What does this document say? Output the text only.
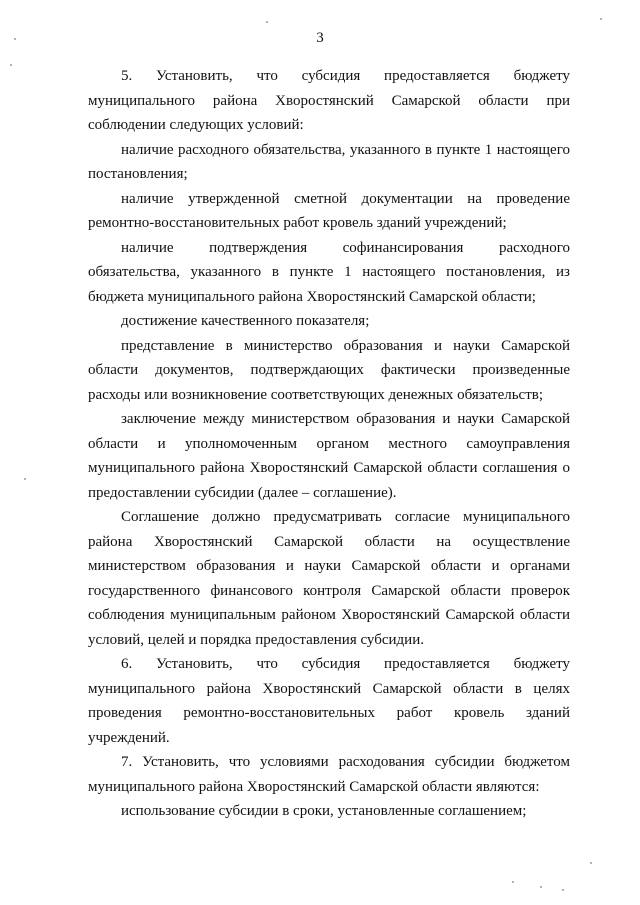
3

5. Установить, что субсидия предоставляется бюджету муниципального района Хворостянский Самарской области при соблюдении следующих условий:

наличие расходного обязательства, указанного в пункте 1 настоящего постановления;

наличие утвержденной сметной документации на проведение ремонтно-восстановительных работ кровель зданий учреждений;

наличие подтверждения софинансирования расходного обязательства, указанного в пункте 1 настоящего постановления, из бюджета муниципального района Хворостянский Самарской области;

достижение качественного показателя;

представление в министерство образования и науки Самарской области документов, подтверждающих фактически произведенные расходы или возникновение соответствующих денежных обязательств;

заключение между министерством образования и науки Самарской области и уполномоченным органом местного самоуправления муниципального района Хворостянский Самарской области соглашения о предоставлении субсидии (далее – соглашение).

Соглашение должно предусматривать согласие муниципального района Хворостянский Самарской области на осуществление министерством образования и науки Самарской области и органами государственного финансового контроля Самарской области проверок соблюдения муниципальным районом Хворостянский Самарской области условий, целей и порядка предоставления субсидии.

6. Установить, что субсидия предоставляется бюджету муниципального района Хворостянский Самарской области в целях проведения ремонтно-восстановительных работ кровель зданий учреждений.

7. Установить, что условиями расходования субсидии бюджетом муниципального района Хворостянский Самарской области являются:

использование субсидии в сроки, установленные соглашением;
